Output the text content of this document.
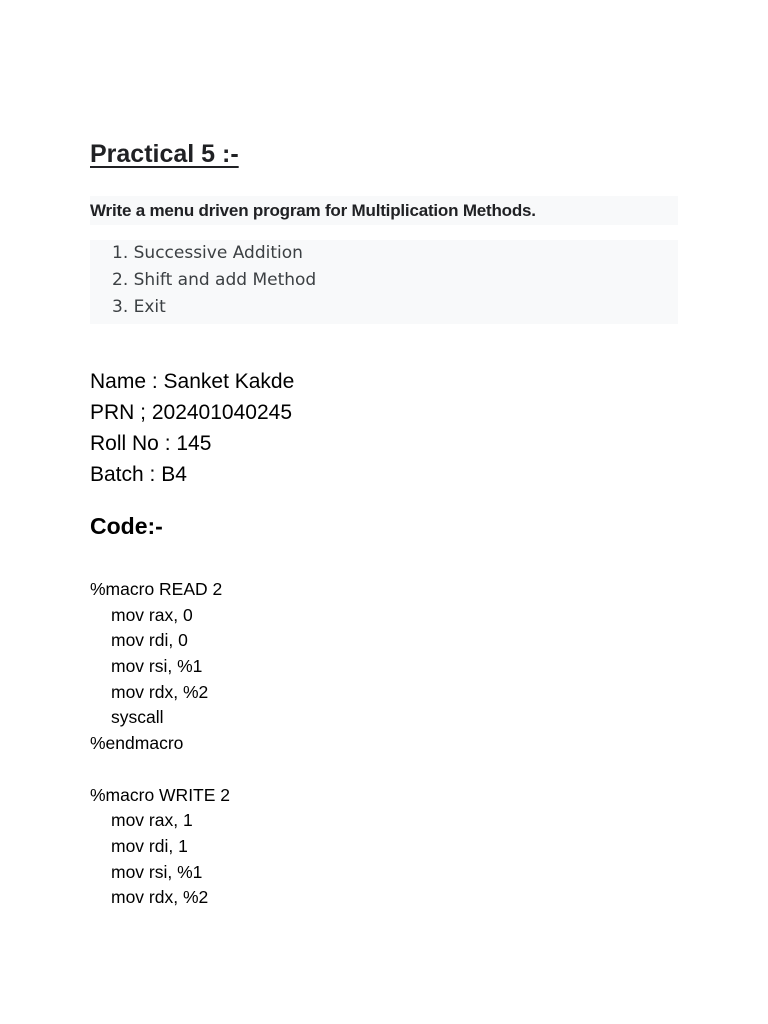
Practical 5 :-
Write a menu driven program for Multiplication Methods.
1. Successive Addition
2. Shift and add Method
3. Exit
Name : Sanket Kakde
PRN ; 202401040245
Roll No : 145
Batch : B4
Code:-
%macro READ 2
mov rax, 0
mov rdi, 0
mov rsi, %1
mov rdx, %2
syscall
%endmacro
%macro WRITE 2
mov rax, 1
mov rdi, 1
mov rsi, %1
mov rdx, %2
